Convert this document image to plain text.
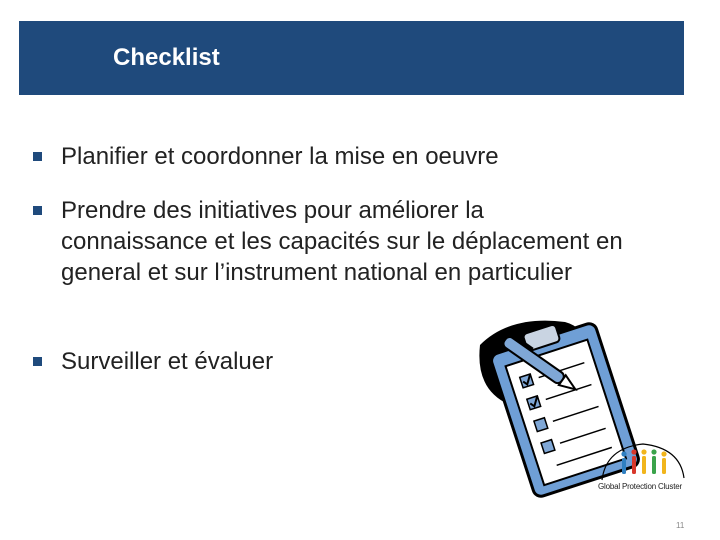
Checklist
Planifier et coordonner la mise en oeuvre
Prendre des initiatives pour améliorer la connaissance et les capacités sur le déplacement en general et sur l’instrument national en particulier
Surveiller et évaluer
Global Protection Cluster
11
